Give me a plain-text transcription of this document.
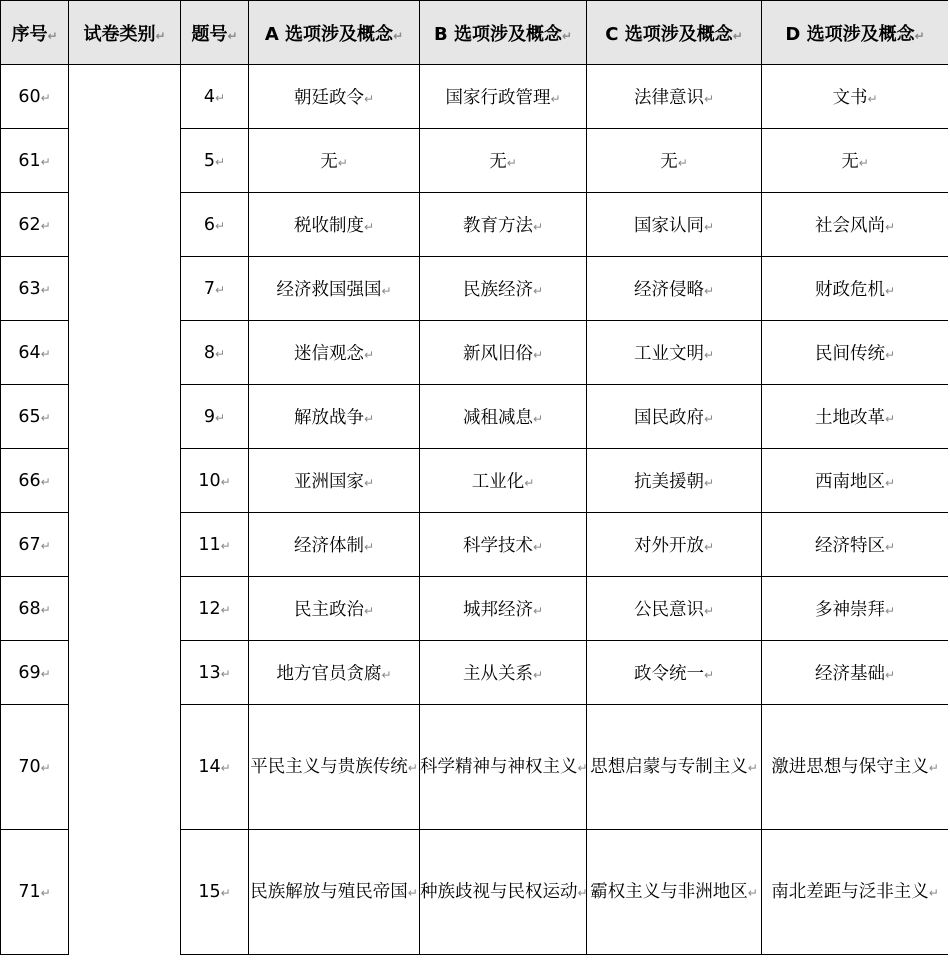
序号 ↵	试卷类别 ↵	题号 ↵	A 选项涉及概念 ↵	B 选项涉及概念 ↵	C 选项涉及概念 ↵	D 选项涉及概念 ↵
60 ↵		4 ↵	朝廷政令 ↵	国家行政管理 ↵	法律意识 ↵	文书 ↵
61 ↵		5 ↵	无 ↵	无 ↵	无 ↵	无 ↵
62 ↵		6 ↵	税收制度 ↵	教育方法 ↵	国家认同 ↵	社会风尚 ↵
63 ↵		7 ↵	经济救国强国 ↵	民族经济 ↵	经济侵略 ↵	财政危机 ↵
64 ↵		8 ↵	迷信观念 ↵	新风旧俗 ↵	工业文明 ↵	民间传统 ↵
65 ↵		9 ↵	解放战争 ↵	减租减息 ↵	国民政府 ↵	土地改革 ↵
66 ↵		10 ↵	亚洲国家 ↵	工业化 ↵	抗美援朝 ↵	西南地区 ↵
67 ↵		11 ↵	经济体制 ↵	科学技术 ↵	对外开放 ↵	经济特区 ↵
68 ↵		12 ↵	民主政治 ↵	城邦经济 ↵	公民意识 ↵	多神崇拜 ↵
69 ↵		13 ↵	地方官员贪腐 ↵	主从关系 ↵	政令统一 ↵	经济基础 ↵
70 ↵		14 ↵	平民主义与贵族传统 ↵	科学精神与神权主义 ↵	思想启蒙与专制主义 ↵	激进思想与保守主义 ↵
71 ↵		15 ↵	民族解放与殖民帝国 ↵	种族歧视与民权运动 ↵	霸权主义与非洲地区 ↵	南北差距与泛非主义 ↵
